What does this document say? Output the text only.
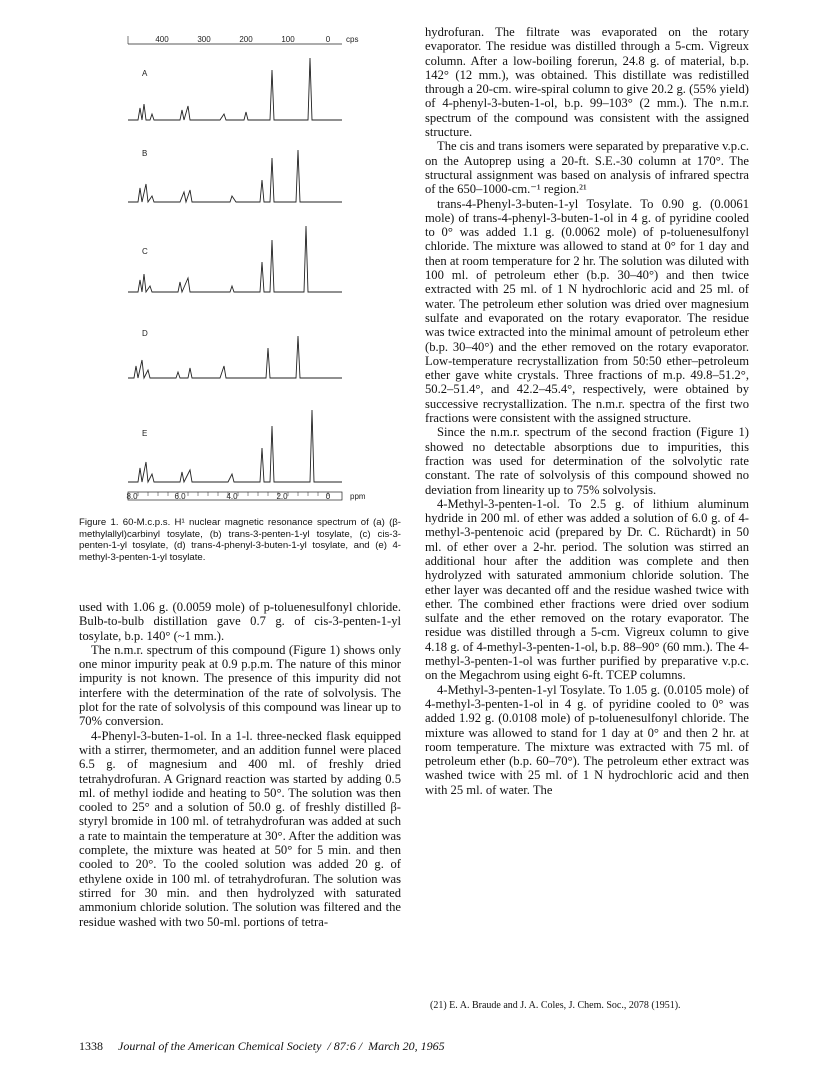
400	300	200	100	0 cps
A
B
C
D
E
8.0	6.0	4.0	2.0	0 ppm
Figure 1. 60-M.c.p.s. H¹ nuclear magnetic resonance spectrum of (a) (β-methylallyl)carbinyl tosylate, (b) trans-3-penten-1-yl tosylate, (c) cis-3-penten-1-yl tosylate, (d) trans-4-phenyl-3-buten-1-yl tosylate, and (e) 4-methyl-3-penten-1-yl tosylate.

used with 1.06 g. (0.0059 mole) of p-toluenesulfonyl chloride. Bulb-to-bulb distillation gave 0.7 g. of cis-3-penten-1-yl tosylate, b.p. 140° (~1 mm.).

The n.m.r. spectrum of this compound (Figure 1) shows only one minor impurity peak at 0.9 p.p.m. The nature of this minor impurity is not known. The presence of this impurity did not interfere with the determination of the rate of solvolysis. The plot for the rate of solvolysis of this compound was linear up to 70% conversion.

4-Phenyl-3-buten-1-ol. In a 1-l. three-necked flask equipped with a stirrer, thermometer, and an addition funnel were placed 6.5 g. of magnesium and 400 ml. of freshly dried tetrahydrofuran. A Grignard reaction was started by adding 0.5 ml. of methyl iodide and heating to 50°. The solution was then cooled to 25° and a solution of 50.0 g. of freshly distilled β-styryl bromide in 100 ml. of tetrahydrofuran was added at such a rate to maintain the temperature at 30°. After the addition was complete, the mixture was heated at 50° for 5 min. and then cooled to 20°. To the cooled solution was added 20 g. of ethylene oxide in 100 ml. of tetrahydrofuran. The solution was stirred for 30 min. and then hydrolyzed with saturated ammonium chloride solution. The solution was filtered and the residue washed with two 50-ml. portions of tetra-

hydrofuran. The filtrate was evaporated on the rotary evaporator. The residue was distilled through a 5-cm. Vigreux column. After a low-boiling forerun, 24.8 g. of material, b.p. 142° (12 mm.), was obtained. This distillate was redistilled through a 20-cm. wire-spiral column to give 20.2 g. (55% yield) of 4-phenyl-3-buten-1-ol, b.p. 99–103° (2 mm.). The n.m.r. spectrum of the compound was consistent with the assigned structure.

The cis and trans isomers were separated by preparative v.p.c. on the Autoprep using a 20-ft. S.E.-30 column at 170°. The structural assignment was based on analysis of infrared spectra of the 650–1000-cm.⁻¹ region.²¹

trans-4-Phenyl-3-buten-1-yl Tosylate. To 0.90 g. (0.0061 mole) of trans-4-phenyl-3-buten-1-ol in 4 g. of pyridine cooled to 0° was added 1.1 g. (0.0062 mole) of p-toluenesulfonyl chloride. The mixture was allowed to stand at 0° for 1 day and then at room temperature for 2 hr. The solution was diluted with 100 ml. of petroleum ether (b.p. 30–40°) and then twice extracted with 25 ml. of 1 N hydrochloric acid and 25 ml. of water. The petroleum ether solution was dried over magnesium sulfate and evaporated on the rotary evaporator. The residue was twice extracted into the minimal amount of petroleum ether (b.p. 30–40°) and the ether removed on the rotary evaporator. Low-temperature recrystallization from 50:50 ether–petroleum ether gave white crystals. Three fractions of m.p. 49.8–51.2°, 50.2–51.4°, and 42.2–45.4°, respectively, were obtained by successive recrystallization. The n.m.r. spectra of the first two fractions were consistent with the assigned structure.

Since the n.m.r. spectrum of the second fraction (Figure 1) showed no detectable absorptions due to impurities, this fraction was used for determination of the solvolytic rate constant. The rate of solvolysis of this compound showed no deviation from linearity up to 75% solvolysis.

4-Methyl-3-penten-1-ol. To 2.5 g. of lithium aluminum hydride in 200 ml. of ether was added a solution of 6.0 g. of 4-methyl-3-pentenoic acid (prepared by Dr. C. Rüchardt) in 50 ml. of ether over a 2-hr. period. The solution was stirred an additional hour after the addition was complete and then hydrolyzed with saturated ammonium chloride solution. The ether layer was decanted off and the residue washed twice with ether. The combined ether fractions were dried over sodium sulfate and the ether removed on the rotary evaporator. The residue was distilled through a 5-cm. Vigreux column to give 4.18 g. of 4-methyl-3-penten-1-ol, b.p. 88–90° (60 mm.). The 4-methyl-3-penten-1-ol was further purified by preparative v.p.c. on the Megachrom using eight 6-ft. TCEP columns.

4-Methyl-3-penten-1-yl Tosylate. To 1.05 g. (0.0105 mole) of 4-methyl-3-penten-1-ol in 4 g. of pyridine cooled to 0° was added 1.92 g. (0.0108 mole) of p-toluenesulfonyl chloride. The mixture was allowed to stand for 1 day at 0° and then 2 hr. at room temperature. The mixture was extracted with 75 ml. of petroleum ether (b.p. 60–70°). The petroleum ether extract was washed twice with 25 ml. of 1 N hydrochloric acid and then with 25 ml. of water. The

(21) E. A. Braude and J. A. Coles, J. Chem. Soc., 2078 (1951).
1338 Journal of the American Chemical Society / 87:6 / March 20, 1965
